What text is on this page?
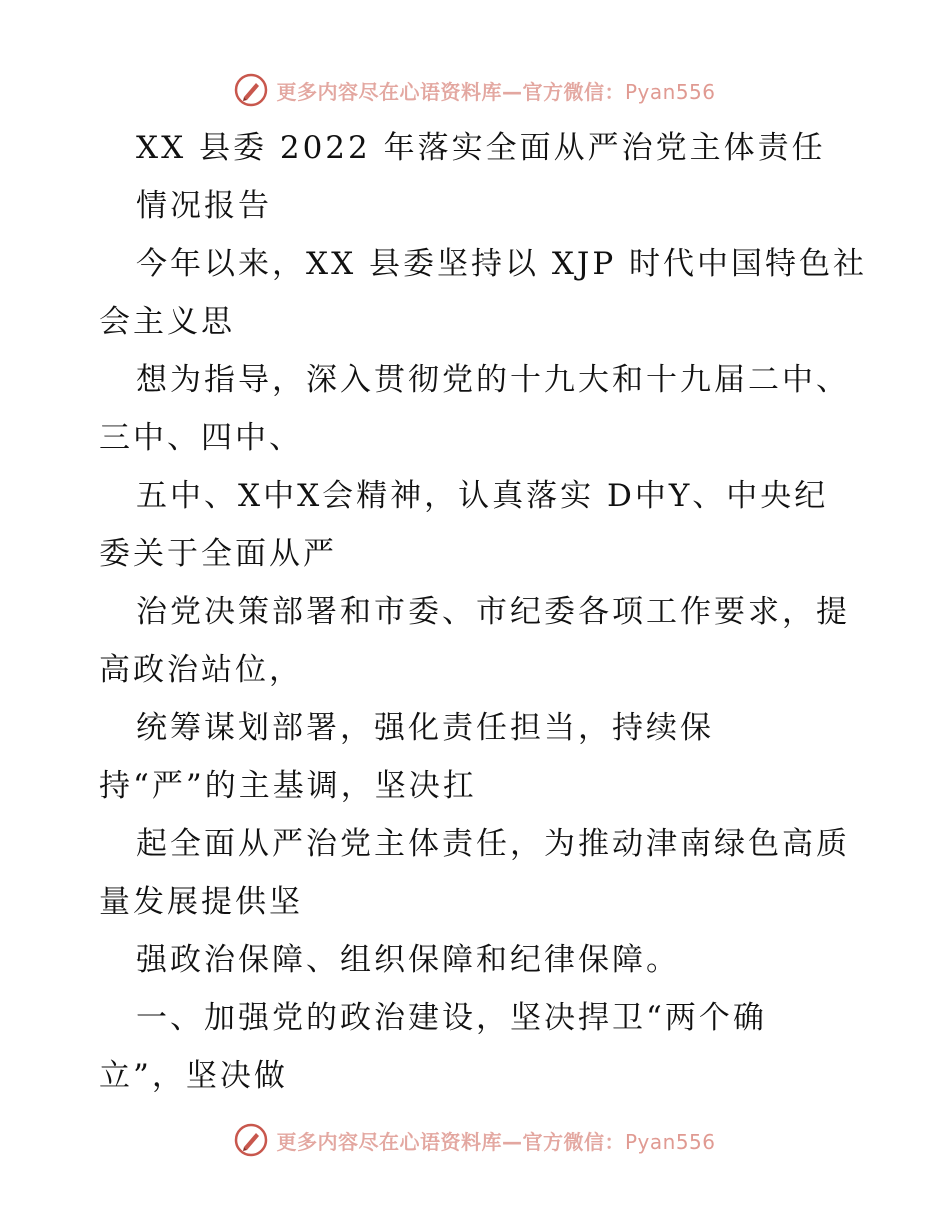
更多内容尽在心语资料库—官方微信：Pyan556
XX 县委 2022 年落实全面从严治党主体责任
情况报告
今年以来，XX 县委坚持以 XJP 时代中国特色社
会主义思
想为指导，深入贯彻党的十九大和十九届二中、
三中、四中、
五中、X中X会精神，认真落实 D中Y、中央纪
委关于全面从严
治党决策部署和市委、市纪委各项工作要求，提
高政治站位，
统筹谋划部署，强化责任担当，持续保
持“严”的主基调，坚决扛
起全面从严治党主体责任，为推动津南绿色高质
量发展提供坚
强政治保障、组织保障和纪律保障。
一、加强党的政治建设，坚决捍卫“两个确
立”，坚决做
更多内容尽在心语资料库—官方微信：Pyan556
